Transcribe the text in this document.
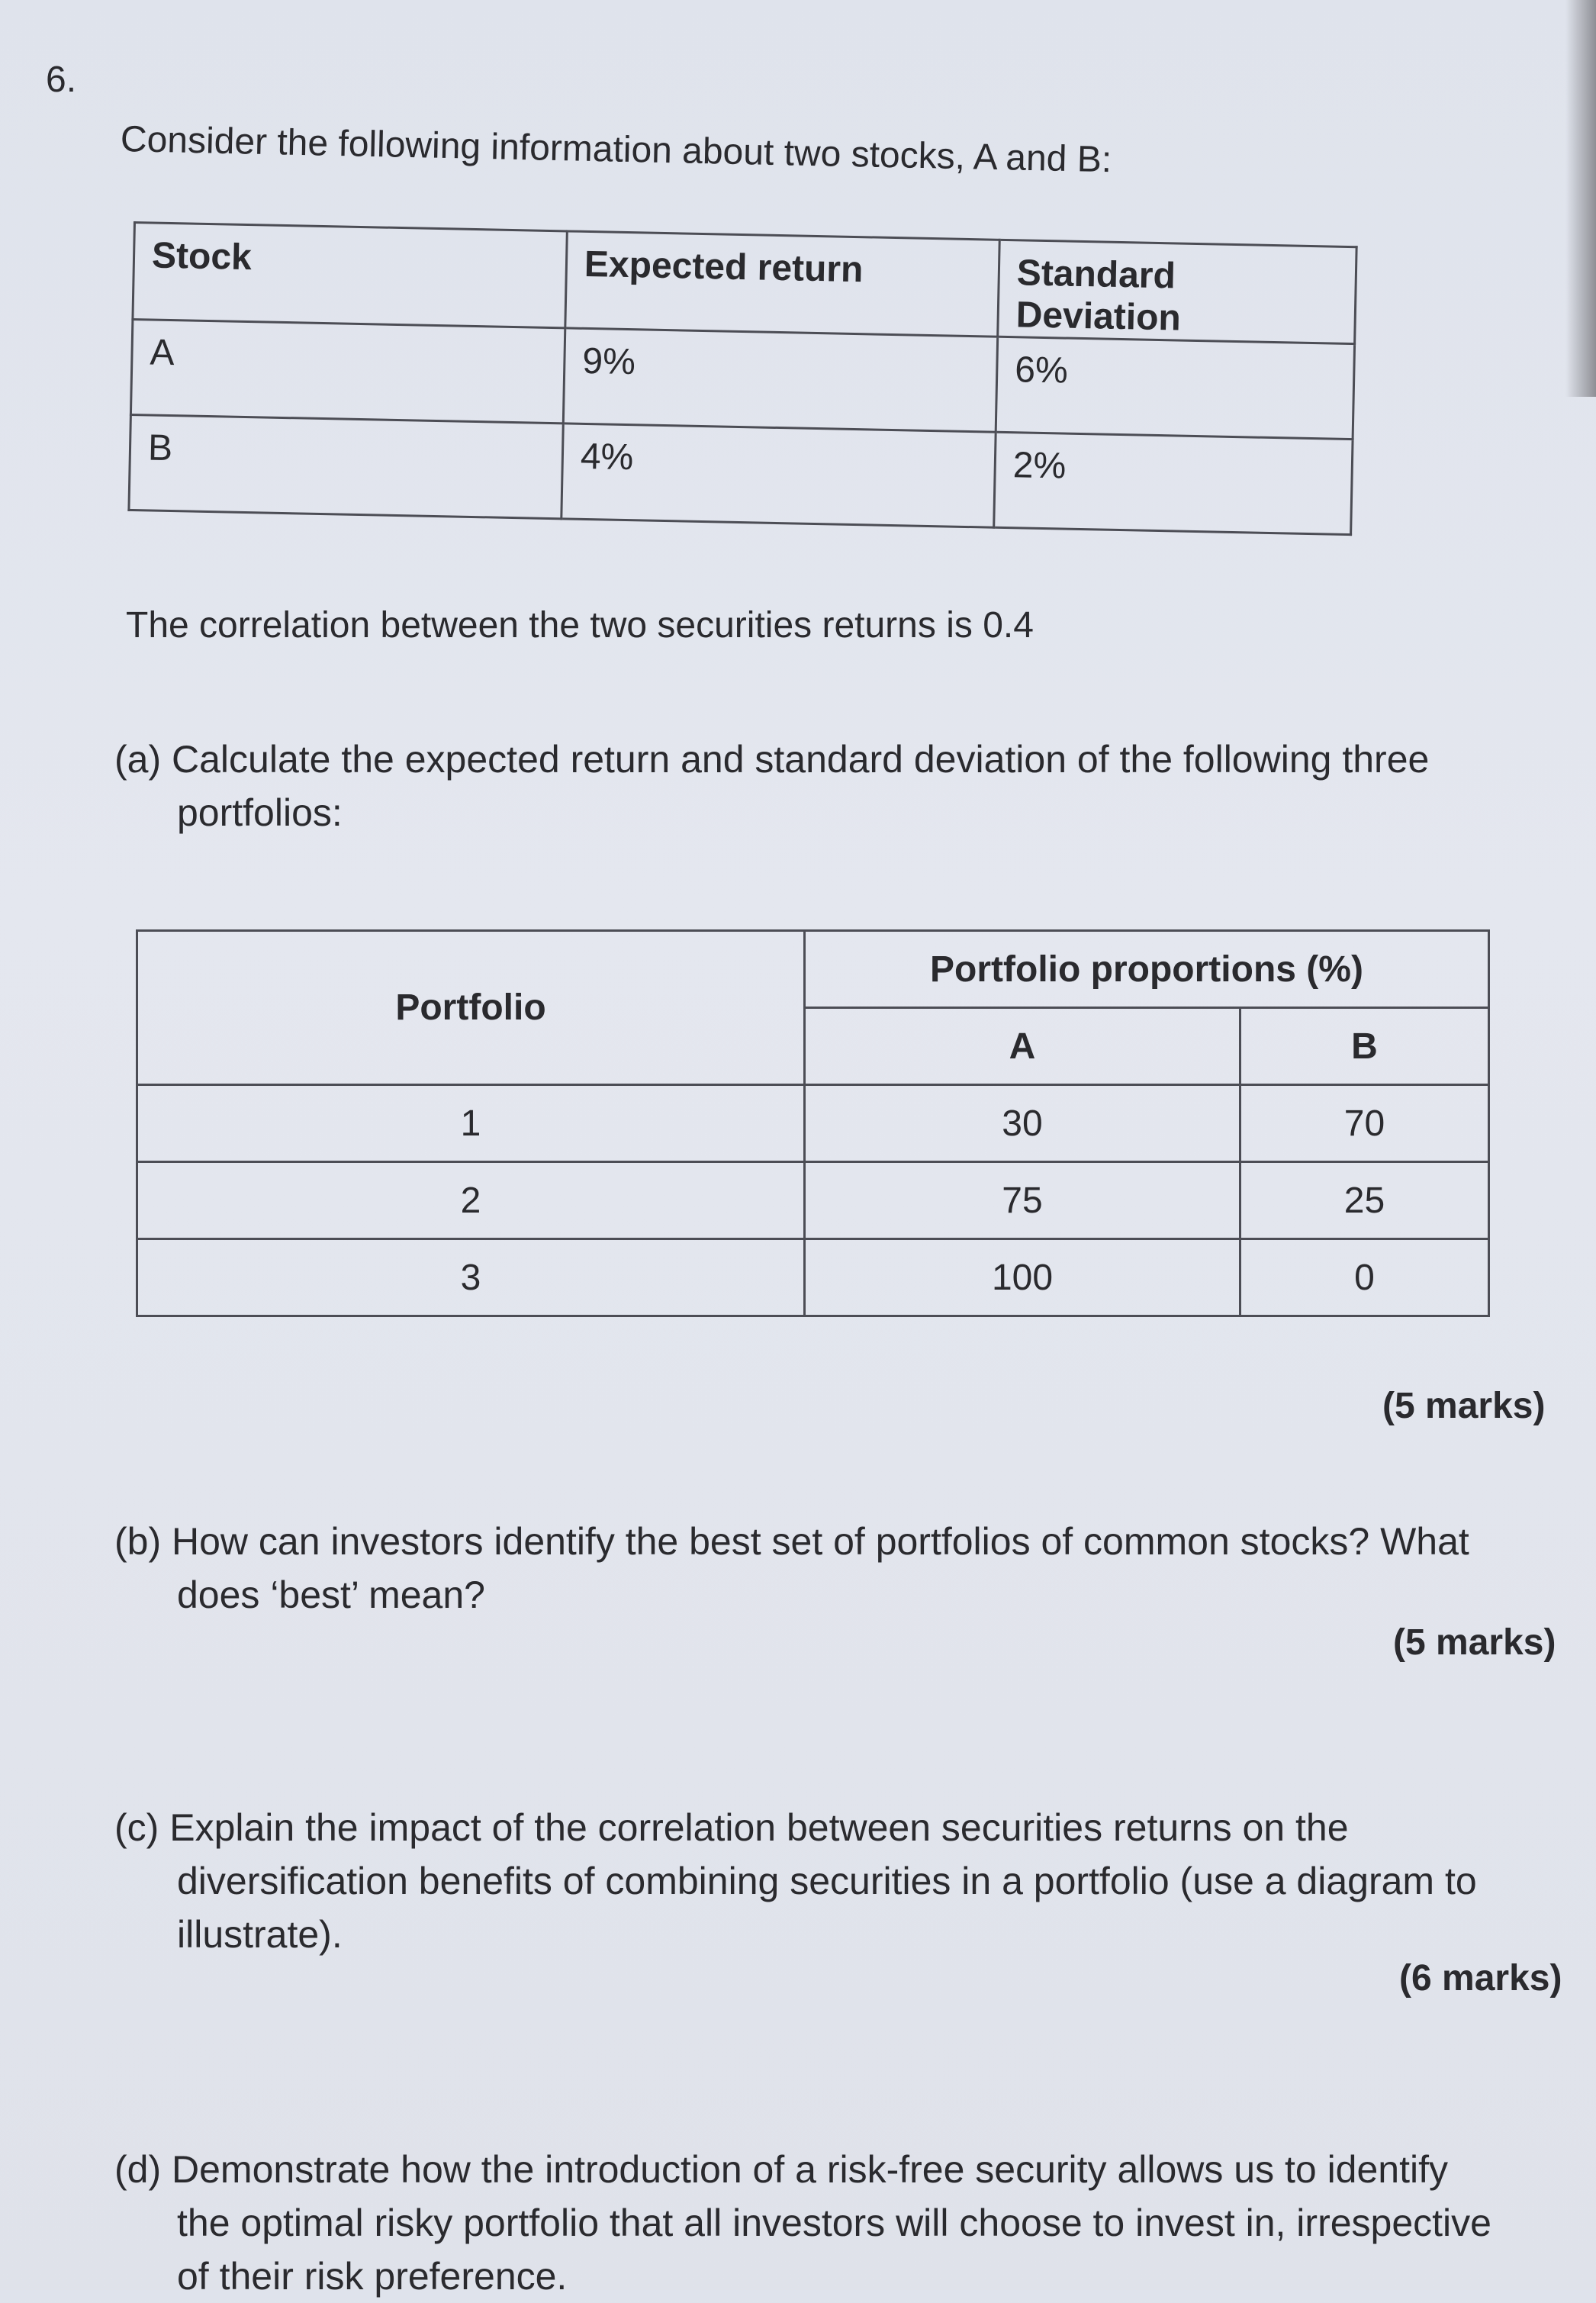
6.
Consider the following information about two stocks, A and B:
Stock	Expected return	Standard Deviation
A	9%	6%
B	4%	2%
The correlation between the two securities returns is 0.4
(a) Calculate the expected return and standard deviation of the following three
portfolios:
Portfolio	Portfolio proportions (%)	
	A	B
1	30	70
2	75	25
3	100	0
(5 marks)
(b) How can investors identify the best set of portfolios of common stocks? What
does ‘best’ mean?
(5 marks)
(c) Explain the impact of the correlation between securities returns on the
diversification benefits of combining securities in a portfolio (use a diagram to
illustrate).
(6 marks)
(d) Demonstrate how the introduction of a risk-free security allows us to identify
the optimal risky portfolio that all investors will choose to invest in, irrespective
of their risk preference.
